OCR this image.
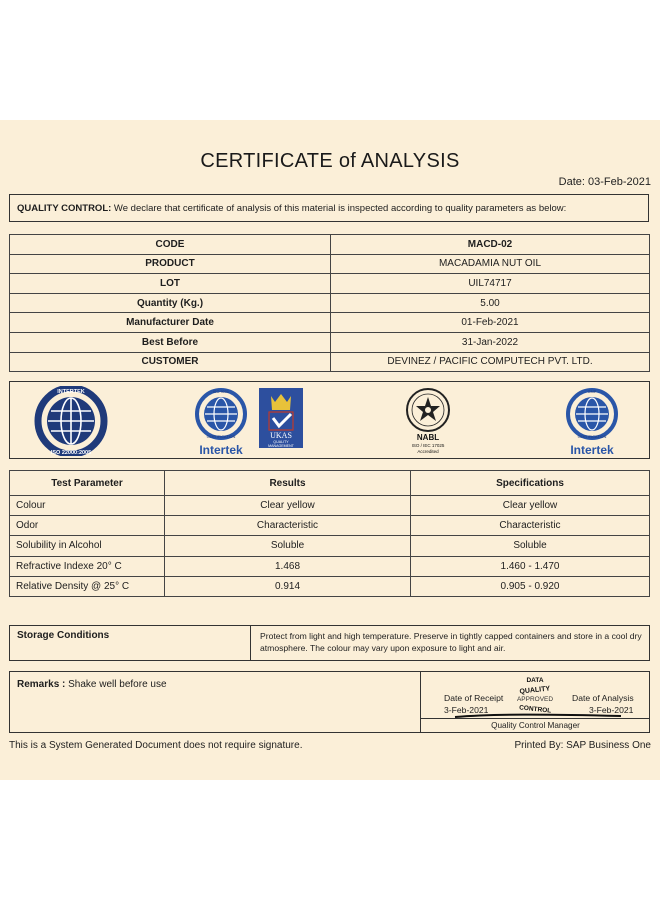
CERTIFICATE of ANALYSIS
Date: 03-Feb-2021
QUALITY CONTROL: We declare that certificate of analysis of this material is inspected according to quality parameters as below:
CODE	MACD-02
PRODUCT	MACADAMIA NUT OIL
LOT	UIL74717
Quantity (Kg.)	5.00
Manufacturer Date	01-Feb-2021
Best Before	31-Jan-2022
CUSTOMER	DEVINEZ / PACIFIC COMPUTECH PVT. LTD.
INTERTEK
ISO 22000:2005
ISO 9001
CERTIFICATION
Intertek
UKAS
QUALITY
MANAGEMENT
NABL
ISO / IEC 17025
Accredited
GMP
CERTIFICATION
Intertek
Test Parameter	Results	Specifications
Colour	Clear yellow	Clear yellow
Odor	Characteristic	Characteristic
Solubility in Alcohol	Soluble	Soluble
Refractive Indexe 20° C	1.468	1.460 - 1.470
Relative Density @ 25° C	0.914	0.905 - 0.920
Storage Conditions	Protect from light and high temperature. Preserve in tightly capped containers and store in a cool dry atmosphere. The colour may vary upon exposure to light and air.
Remarks : Shake well before use
Date of Receipt
3-Feb-2021
Date of Analysis
3-Feb-2021
DATA
QUALITY
APPROVED
CONTROL
Quality Control Manager
This is a System Generated Document does not require signature.	Printed By: SAP Business One
